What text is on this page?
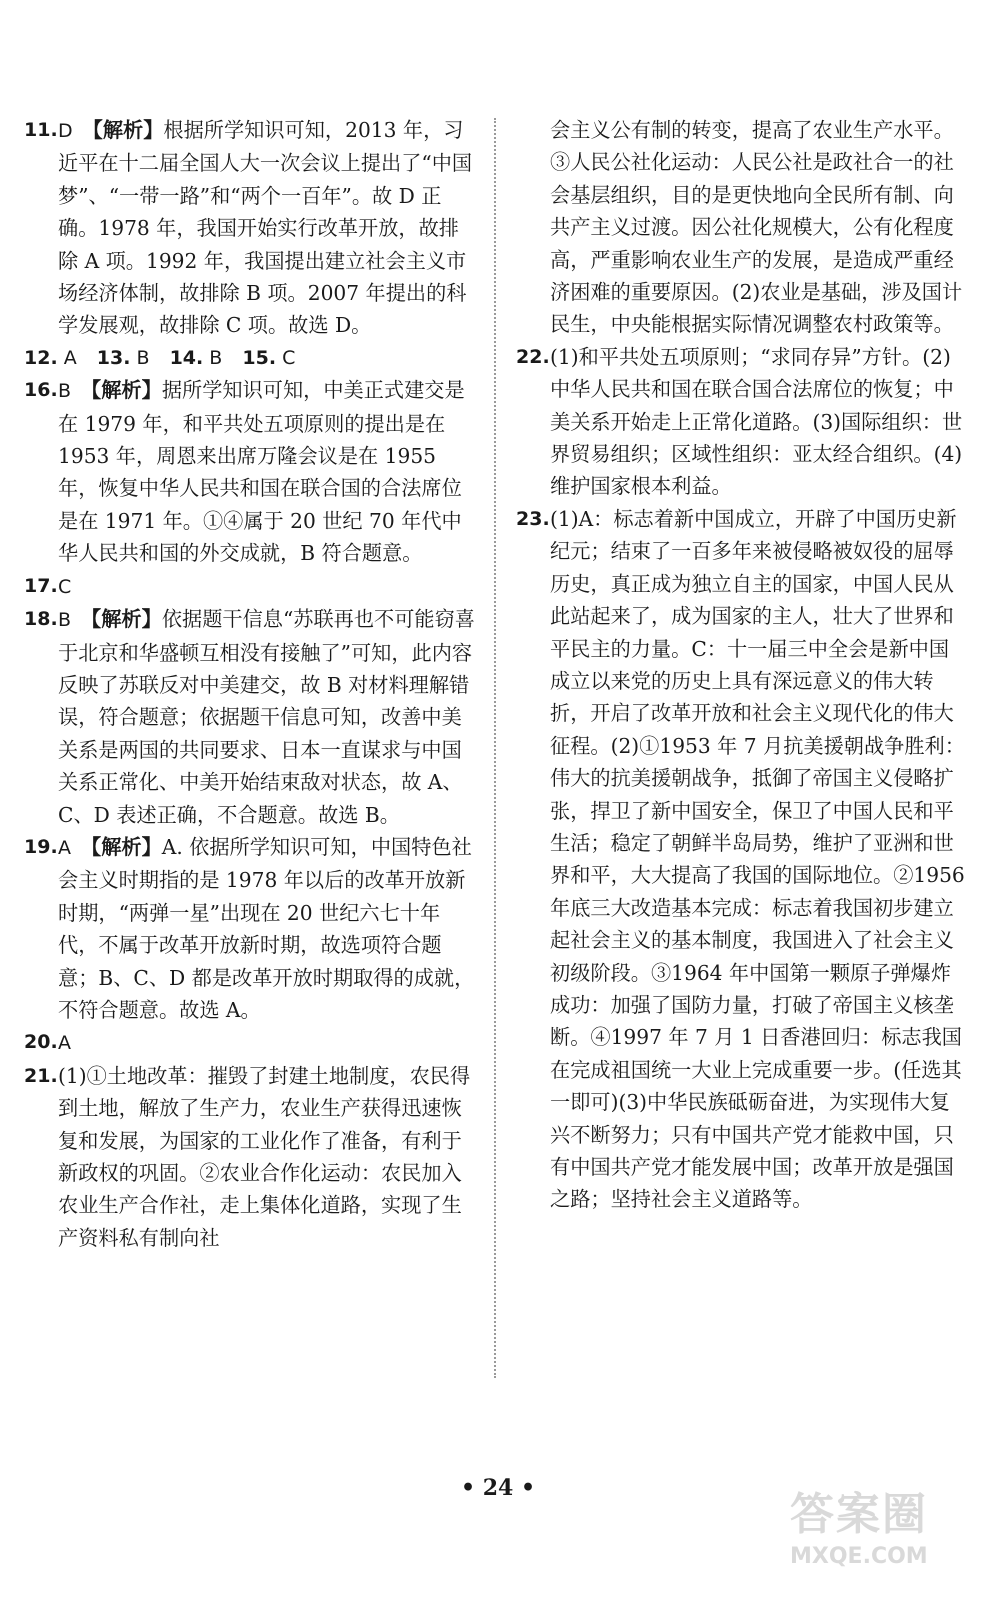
11. D 【解析】根据所学知识可知，2013 年，习近平在十二届全国人大一次会议上提出了“中国梦”、“一带一路”和“两个一百年”。故 D 正确。1978 年，我国开始实行改革开放，故排除 A 项。1992 年，我国提出建立社会主义市场经济体制，故排除 B 项。2007 年提出的科学发展观，故排除 C 项。故选 D。
12. A 13. B 14. B 15. C
16. B 【解析】据所学知识可知，中美正式建交是在 1979 年，和平共处五项原则的提出是在 1953 年，周恩来出席万隆会议是在 1955 年，恢复中华人民共和国在联合国的合法席位是在 1971 年。①④属于 20 世纪 70 年代中华人民共和国的外交成就，B 符合题意。
17. C
18. B 【解析】依据题干信息“苏联再也不可能窃喜于北京和华盛顿互相没有接触了”可知，此内容反映了苏联反对中美建交，故 B 对材料理解错误，符合题意；依据题干信息可知，改善中美关系是两国的共同要求、日本一直谋求与中国关系正常化、中美开始结束敌对状态，故 A、C、D 表述正确，不合题意。故选 B。
19. A 【解析】A. 依据所学知识可知，中国特色社会主义时期指的是 1978 年以后的改革开放新时期，“两弹一星”出现在 20 世纪六七十年代，不属于改革开放新时期，故选项符合题意；B、C、D 都是改革开放时期取得的成就，不符合题意。故选 A。
20. A
21. (1)①土地改革：摧毁了封建土地制度，农民得到土地，解放了生产力，农业生产获得迅速恢复和发展，为国家的工业化作了准备，有利于新政权的巩固。②农业合作化运动：农民加入农业生产合作社，走上集体化道路，实现了生产资料私有制向社
会主义公有制的转变，提高了农业生产水平。③人民公社化运动：人民公社是政社合一的社会基层组织，目的是更快地向全民所有制、向共产主义过渡。因公社化规模大，公有化程度高，严重影响农业生产的发展，是造成严重经济困难的重要原因。(2)农业是基础，涉及国计民生，中央能根据实际情况调整农村政策等。
22. (1)和平共处五项原则；“求同存异”方针。(2)中华人民共和国在联合国合法席位的恢复；中美关系开始走上正常化道路。(3)国际组织：世界贸易组织；区域性组织：亚太经合组织。(4)维护国家根本利益。
23. (1)A：标志着新中国成立，开辟了中国历史新纪元；结束了一百多年来被侵略被奴役的屈辱历史，真正成为独立自主的国家，中国人民从此站起来了，成为国家的主人，壮大了世界和平民主的力量。C：十一届三中全会是新中国成立以来党的历史上具有深远意义的伟大转折，开启了改革开放和社会主义现代化的伟大征程。(2)①1953 年 7 月抗美援朝战争胜利：伟大的抗美援朝战争，抵御了帝国主义侵略扩张，捍卫了新中国安全，保卫了中国人民和平生活；稳定了朝鲜半岛局势，维护了亚洲和世界和平，大大提高了我国的国际地位。②1956 年底三大改造基本完成：标志着我国初步建立起社会主义的基本制度，我国进入了社会主义初级阶段。③1964 年中国第一颗原子弹爆炸成功：加强了国防力量，打破了帝国主义核垄断。④1997 年 7 月 1 日香港回归：标志我国在完成祖国统一大业上完成重要一步。(任选其一即可)(3)中华民族砥砺奋进，为实现伟大复兴不断努力；只有中国共产党才能救中国，只有中国共产党才能发展中国；改革开放是强国之路；坚持社会主义道路等。
• 24 •
答案圈
MXQE.COM
